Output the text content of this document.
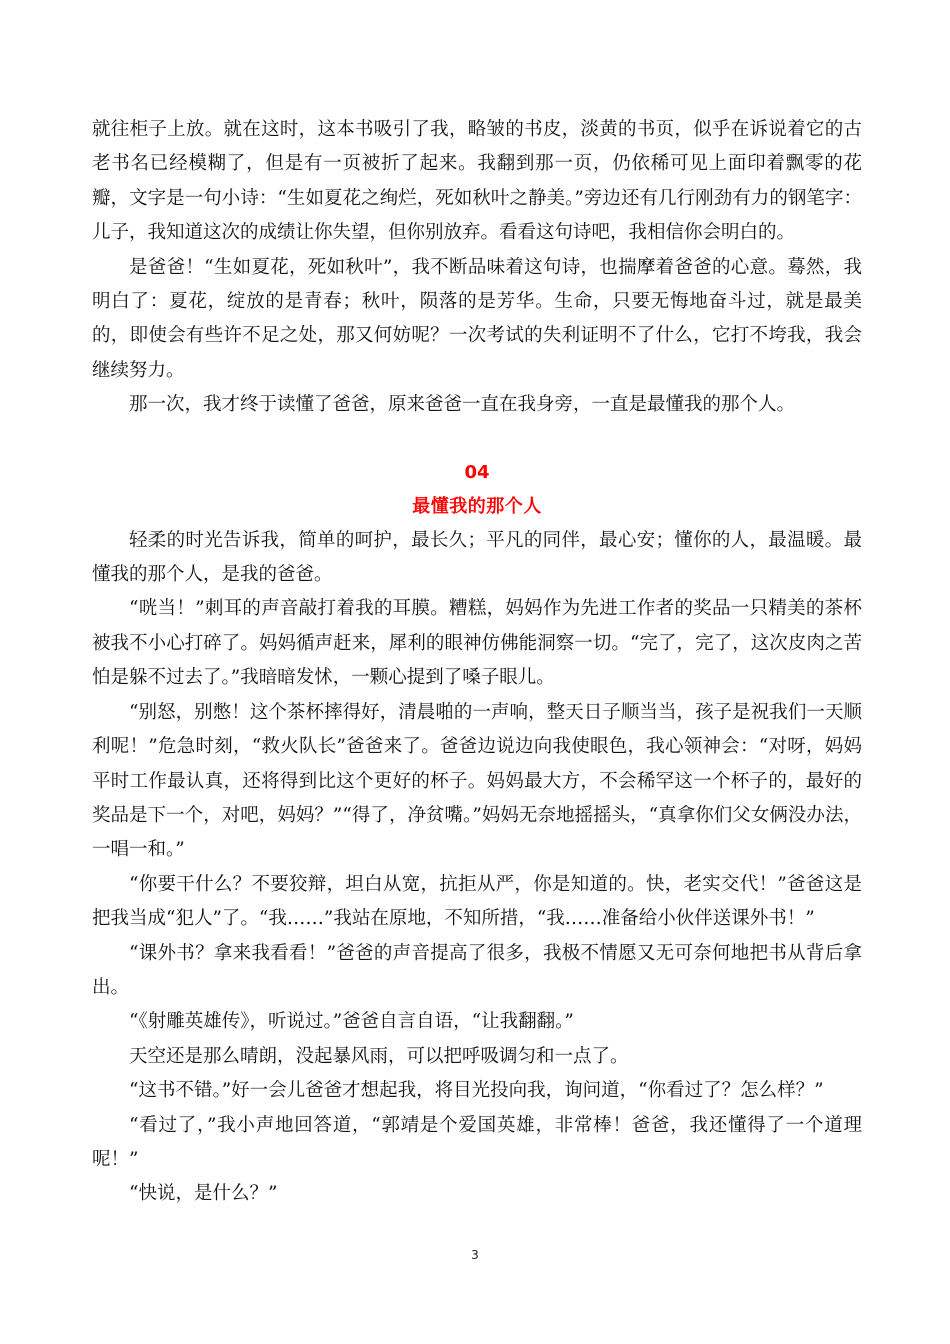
就往柜子上放。就在这时，这本书吸引了我，略皱的书皮，淡黄的书页，似乎在诉说着它的古老书名已经模糊了，但是有一页被折了起来。我翻到那一页，仍依稀可见上面印着飘零的花瓣，文字是一句小诗：“生如夏花之绚烂，死如秋叶之静美。”旁边还有几行刚劲有力的钢笔字：儿子，我知道这次的成绩让你失望，但你别放弃。看看这句诗吧，我相信你会明白的。

是爸爸！“生如夏花，死如秋叶”，我不断品味着这句诗，也揣摩着爸爸的心意。蓦然，我明白了：夏花，绽放的是青春；秋叶，陨落的是芳华。生命，只要无悔地奋斗过，就是最美的，即使会有些许不足之处，那又何妨呢？一次考试的失利证明不了什么，它打不垮我，我会继续努力。

那一次，我才终于读懂了爸爸，原来爸爸一直在我身旁，一直是最懂我的那个人。

04
最懂我的那个人

轻柔的时光告诉我，简单的呵护，最长久；平凡的同伴，最心安；懂你的人，最温暖。最懂我的那个人，是我的爸爸。

“咣当！”刺耳的声音敲打着我的耳膜。糟糕，妈妈作为先进工作者的奖品一只精美的茶杯被我不小心打碎了。妈妈循声赶来，犀利的眼神仿佛能洞察一切。“完了，完了，这次皮肉之苦怕是躲不过去了。”我暗暗发怵，一颗心提到了嗓子眼儿。

“别怒，别憋！这个茶杯摔得好，清晨啪的一声响，整天日子顺当当，孩子是祝我们一天顺利呢！”危急时刻，“救火队长”爸爸来了。爸爸边说边向我使眼色，我心领神会：“对呀，妈妈平时工作最认真，还将得到比这个更好的杯子。妈妈最大方，不会稀罕这一个杯子的，最好的奖品是下一个，对吧，妈妈？”“得了，净贫嘴。”妈妈无奈地摇摇头，“真拿你们父女俩没办法，一唱一和。”

“你要干什么？不要狡辩，坦白从宽，抗拒从严，你是知道的。快，老实交代！”爸爸这是把我当成“犯人”了。“我……”我站在原地，不知所措，“我……准备给小伙伴送课外书！”

“课外书？拿来我看看！”爸爸的声音提高了很多，我极不情愿又无可奈何地把书从背后拿出。

“《射雕英雄传》，听说过。”爸爸自言自语，“让我翻翻。”

天空还是那么晴朗，没起暴风雨，可以把呼吸调匀和一点了。

“这书不错。”好一会儿爸爸才想起我，将目光投向我，询问道，“你看过了？怎么样？”

“看过了，”我小声地回答道，“郭靖是个爱国英雄，非常棒！爸爸，我还懂得了一个道理呢！”

“快说，是什么？”

3
